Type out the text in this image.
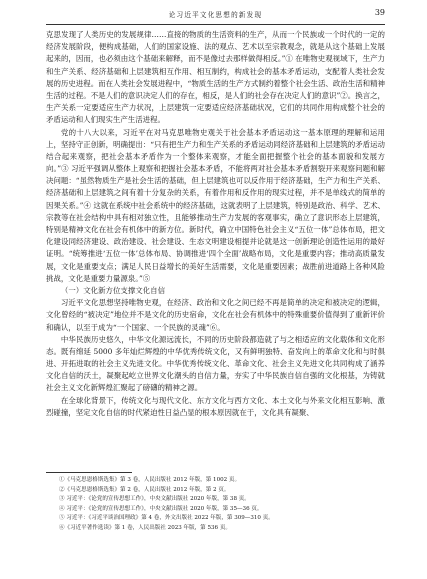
论习近平文化思想的新发现	39

克思发现了人类历史的发展规律……直接的物质的生活资料的生产，从而一个民族或一个时代的一定的经济发展阶段，便构成基础，人们的国家设施、法的观点、艺术以至宗教观念，就是从这个基础上发展起来的，因而，也必须由这个基础来解释，而不是像过去那样做得相反。”① 在唯物史观视域下，生产力和生产关系、经济基础和上层建筑相互作用、相互制约，构成社会的基本矛盾运动，支配着人类社会发展的历史进程。而在人类社会发展进程中，“物质生活的生产方式制约着整个社会生活、政治生活和精神生活的过程。不是人们的意识决定人们的存在，相反，是人们的社会存在决定人们的意识”②。换言之，生产关系一定要适应生产力状况，上层建筑一定要适应经济基础状况，它们的共同作用构成整个社会的矛盾运动和人们现实生产生活进程。

党的十八大以来，习近平在对马克思唯物史观关于社会基本矛盾运动这一基本原理的理解和运用上，坚持守正创新，明确提出：“只有把生产力和生产关系的矛盾运动同经济基础和上层建筑的矛盾运动结合起来观察，把社会基本矛盾作为一个整体来观察，才能全面把握整个社会的基本面貌和发展方向。”③ 习近平强调从整体上观察和把握社会基本矛盾，不能将两对社会基本矛盾割裂开来观察问题和解决问题：“虽然物质生产是社会生活的基础，但上层建筑也可以反作用于经济基础，生产力和生产关系、经济基础和上层建筑之间有着十分复杂的关系，有着作用和反作用的现实过程，并不是单线式的简单的因果关系。”④ 这就在系统中社会系统中的经济基础，这就表明了上层建筑，特别是政治、科学、艺术、宗教等在社会结构中具有相对独立性，且能够推动生产力发展的客观事实，确立了意识形态上层建筑，特别是精神文化在社会有机体中的新方位。新时代，确立中国特色社会主义“五位一体”总体布局，把文化建设同经济建设、政治建设、社会建设、生态文明建设相提并论就是这一创新理论创造性运用的最好证明。“统筹推进‘五位一体’总体布局、协调推进‘四个全面’战略布局，文化是重要内容；推动高质量发展，文化是重要支点；满足人民日益增长的美好生活需要，文化是重要因素；战胜前进道路上各种风险挑战，文化是重要力量源泉。”⑤

（一）文化新方位支撑文化自信

习近平文化思想坚持唯物史观，在经济、政治和文化之间已经不再是简单的决定和被决定的逻辑，文化曾经的“被决定”地位并不是文化的历史宿命，文化在社会有机体中的特殊重要价值得到了重新评价和确认，以至于成为“一个国家、一个民族的灵魂”⑥。

中华民族历史悠久，中华文化源远流长，不同的历史阶段都造就了与之相适应的文化载体和文化形态。既有绵延 5000 多年灿烂辉煌的中华优秀传统文化，又有鲜明独特、奋发向上的革命文化和与时俱进、开拓进取的社会主义先进文化。中华优秀传统文化、革命文化、社会主义先进文化共同构成了涵养文化自信的沃土，凝聚起屹立世界文化潮头的自信力量，夯实了中华民族自信自强的文化根基，为铸就社会主义文化新辉煌汇聚起了磅礴的精神之源。

在全球化背景下，传统文化与现代文化、东方文化与西方文化、本土文化与外来文化相互影响、激烈碰撞，坚定文化自信的时代紧迫性日益凸显的根本原因就在于，文化具有凝聚、

①《马克思恩格斯选集》第 3 卷，人民出版社 2012 年版，第 1002 页。

②《马克思恩格斯选集》第 2 卷，人民出版社 2012 年版，第 2 页。

③ 习近平：《论党的宣传思想工作》，中央文献出版社 2020 年版，第 38 页。

④ 习近平：《论党的宣传思想工作》，中央文献出版社 2020 年版，第 35—36 页。

⑤ 习近平：《习近平谈治国理政》第 4 卷，外文出版社 2022 年版，第 309—310 页。

⑥《习近平著作选读》第 1 卷，人民出版社 2023 年版，第 536 页。
